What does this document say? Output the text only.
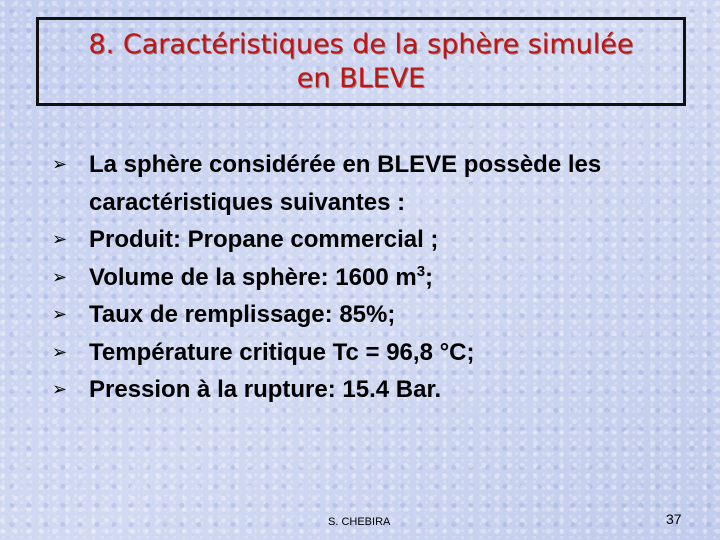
8. Caractéristiques de la sphère simulée
en BLEVE
➢ La sphère considérée en BLEVE possède les caractéristiques suivantes :
➢ Produit: Propane commercial ;
➢ Volume de la sphère: 1600 $m^3$;
➢ Taux de remplissage: 85%;
➢ Température critique Tc = 96,8 °C;
➢ Pression à la rupture: 15.4 Bar.
S. CHEBIRA	37
